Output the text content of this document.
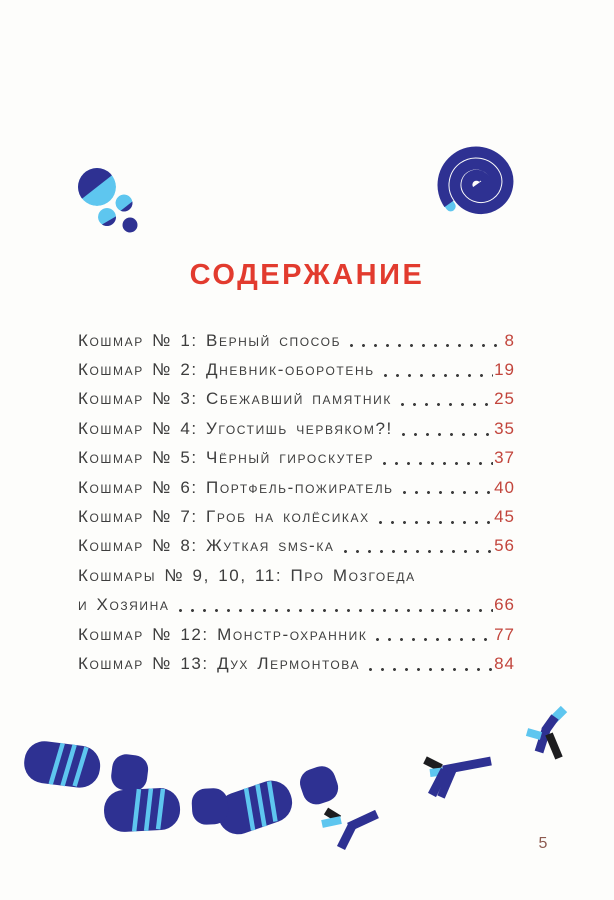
СОДЕРЖАНИЕ
Кошмар № 1: Верный способ	8
Кошмар № 2: Дневник-оборотень	19
Кошмар № 3: Сбежавший памятник	25
Кошмар № 4: Угостишь червяком?!	35
Кошмар № 5: Чёрный гироскутер	37
Кошмар № 6: Портфель-пожиратель	40
Кошмар № 7: Гроб на колёсиках	45
Кошмар № 8: Жуткая sms-ка	56
Кошмары № 9, 10, 11: Про Мозгоеда
и Хозяина	66
Кошмар № 12: Монстр-охранник	77
Кошмар № 13: Дух Лермонтова	84
5
